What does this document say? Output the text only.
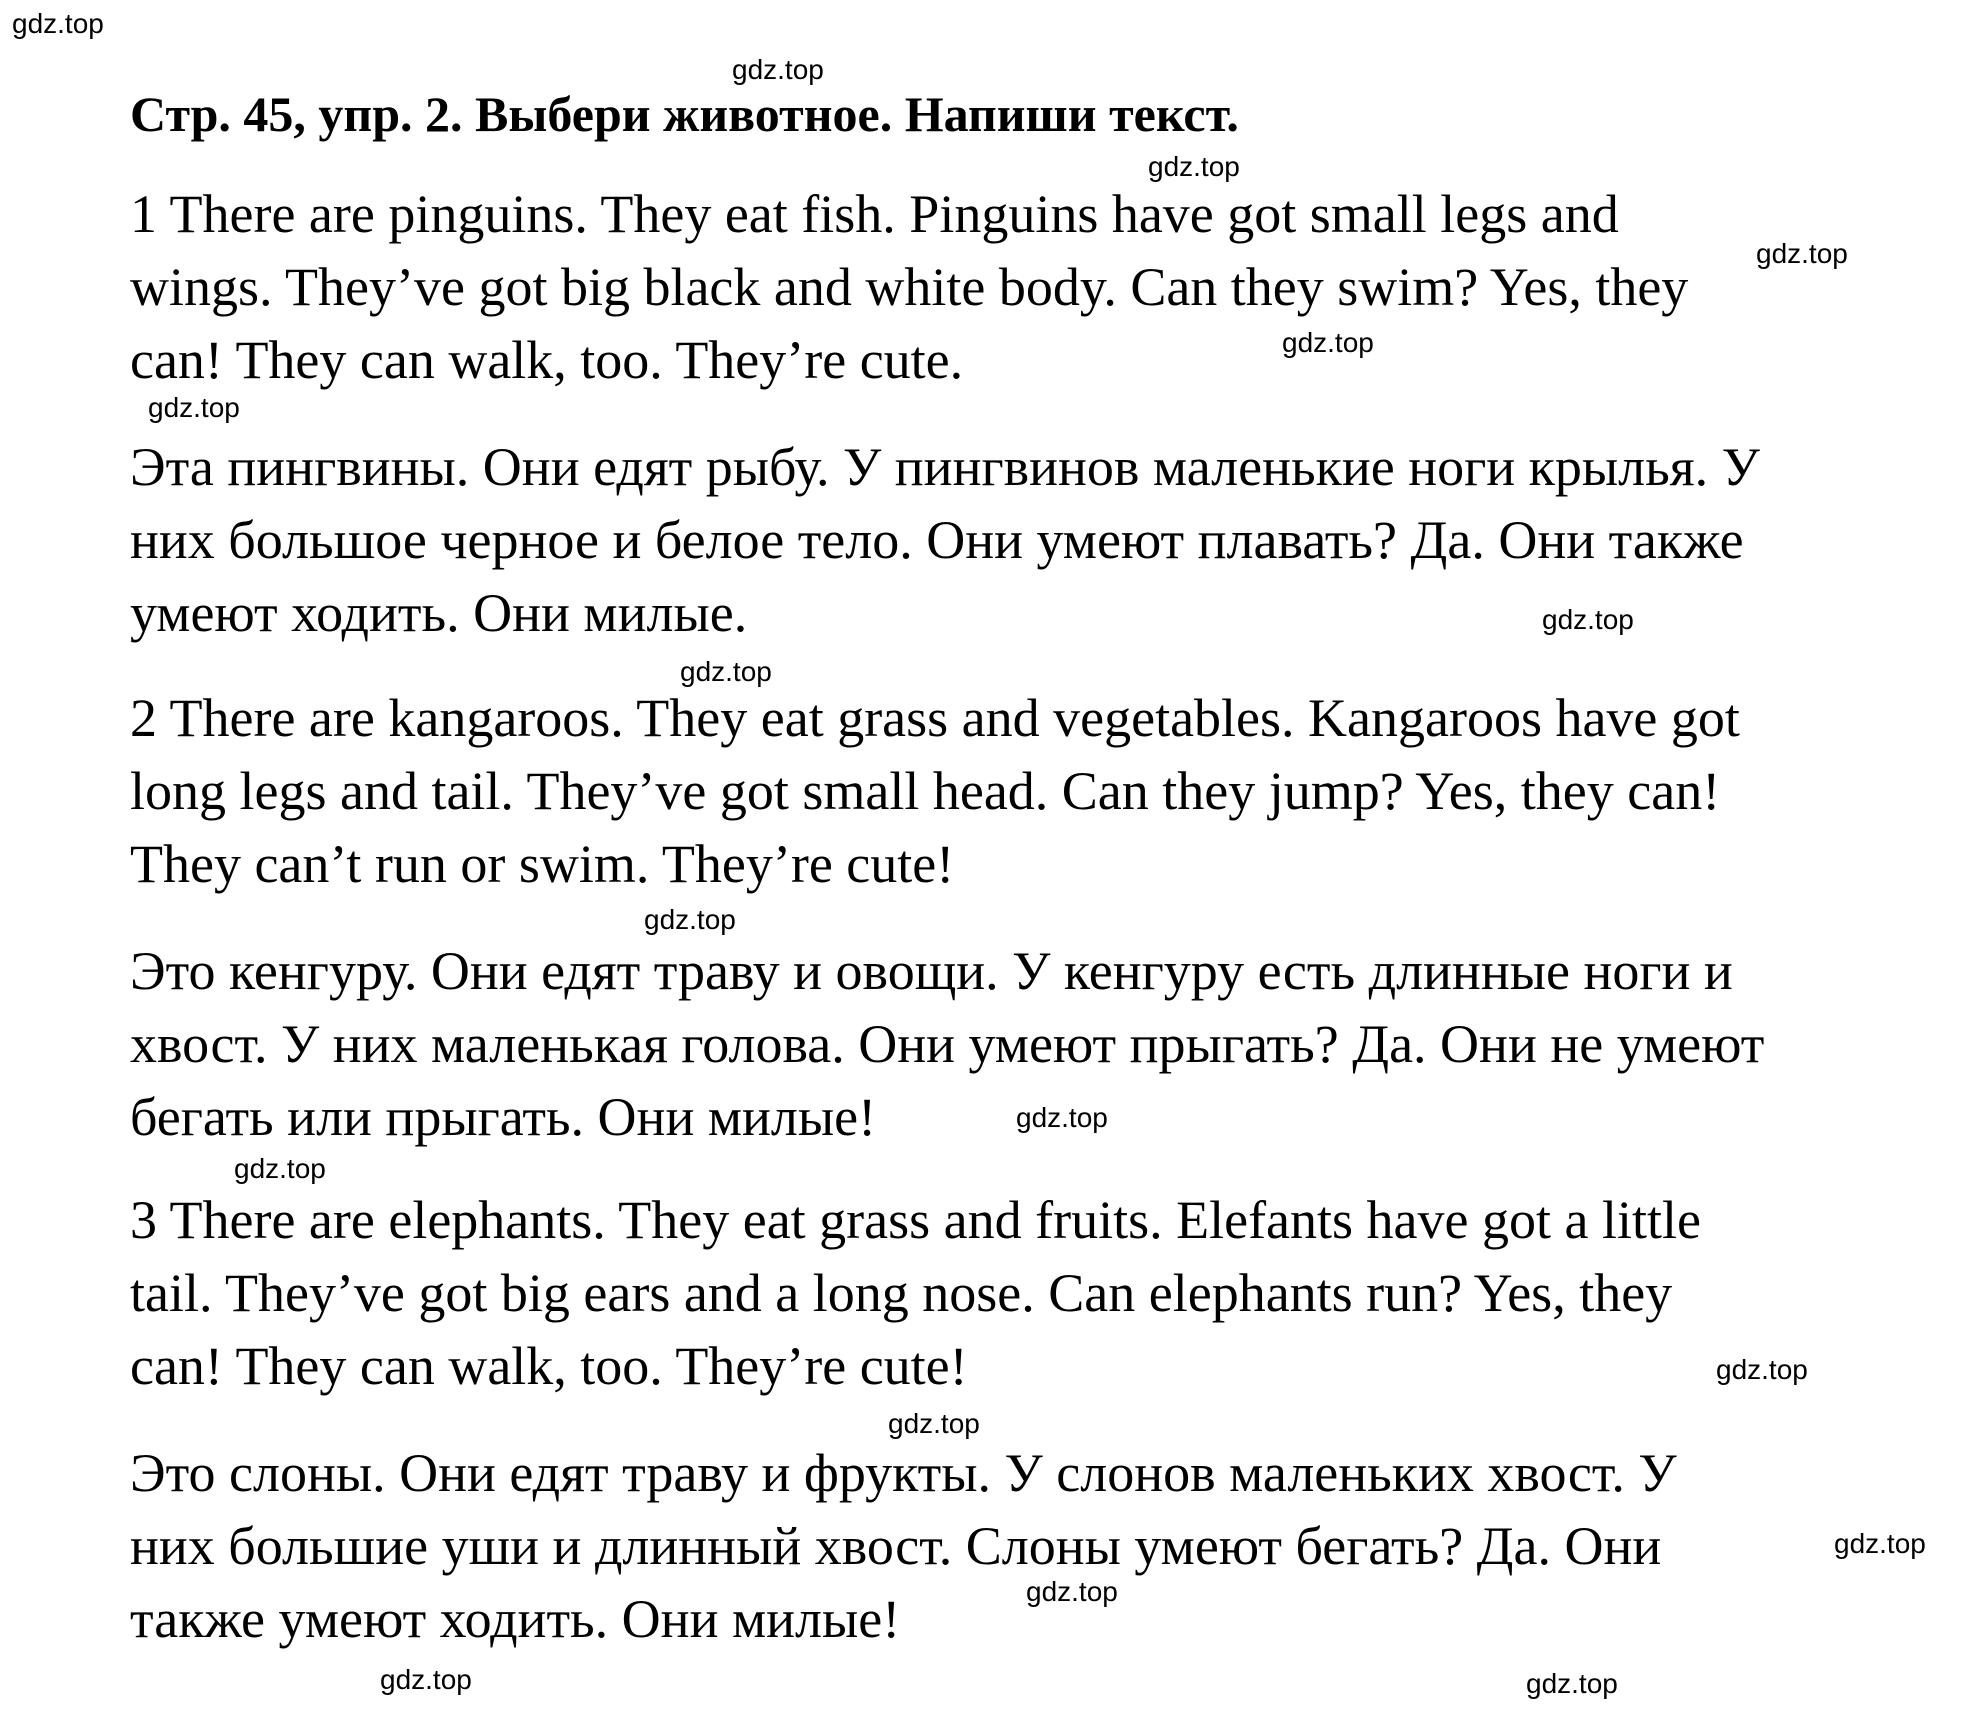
Стр. 45, упр. 2. Выбери животное. Напиши текст.

1 There are pinguins. They eat fish. Pinguins have got small legs and
wings. They’ve got big black and white body. Can they swim? Yes, they
can! They can walk, too. They’re cute.

Эта пингвины. Они едят рыбу. У пингвинов маленькие ноги крылья. У
них большое черное и белое тело. Они умеют плавать? Да. Они также
умеют ходить. Они милые.

2 There are kangaroos. They eat grass and vegetables. Kangaroos have got
long legs and tail. They’ve got small head. Can they jump? Yes, they can!
They can’t run or swim. They’re cute!

Это кенгуру. Они едят траву и овощи. У кенгуру есть длинные ноги и
хвост. У них маленькая голова. Они умеют прыгать? Да. Они не умеют
бегать или прыгать. Они милые!

3 There are elephants. They eat grass and fruits. Elefants have got a little
tail. They’ve got big ears and a long nose. Can elephants run? Yes, they
can! They can walk, too. They’re cute!

Это слоны. Они едят траву и фрукты. У слонов маленьких хвост. У
них большие уши и длинный хвост. Слоны умеют бегать? Да. Они
также умеют ходить. Они милые!

gdz.top
gdz.top
gdz.top
gdz.top
gdz.top
gdz.top
gdz.top
gdz.top
gdz.top
gdz.top
gdz.top
gdz.top
gdz.top
gdz.top
gdz.top
gdz.top	gdz.top
